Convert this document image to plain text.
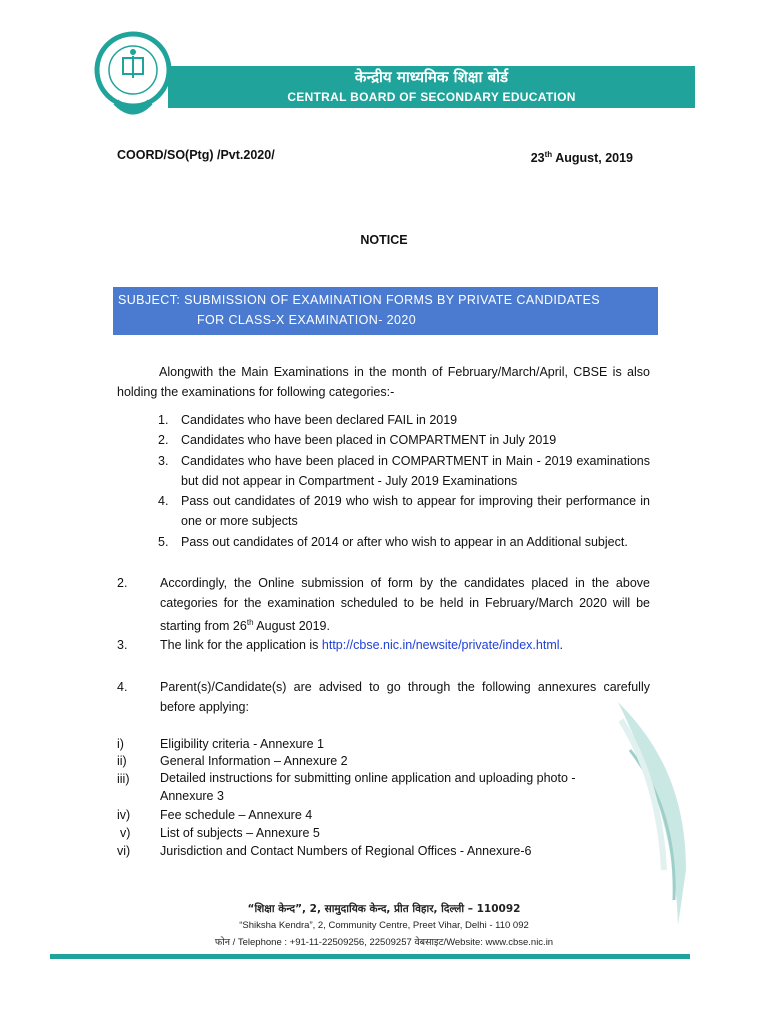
केन्द्रीय माध्यमिक शिक्षा बोर्ड
CENTRAL BOARD OF SECONDARY EDUCATION
COORD/SO(Ptg) /Pvt.2020/	23th August, 2019
NOTICE
SUBJECT: SUBMISSION OF EXAMINATION FORMS BY PRIVATE CANDIDATES
FOR CLASS-X EXAMINATION- 2020
Alongwith the Main Examinations in the month of February/March/April, CBSE is also holding the examinations for following categories:-
1. Candidates who have been declared FAIL in 2019
2. Candidates who have been placed in COMPARTMENT in July 2019
3. Candidates who have been placed in COMPARTMENT in Main - 2019 examinations but did not appear in Compartment - July 2019 Examinations
4. Pass out candidates of 2019 who wish to appear for improving their performance in one or more subjects
5. Pass out candidates of 2014 or after who wish to appear in an Additional subject.
2.	Accordingly, the Online submission of form by the candidates placed in the above categories for the examination scheduled to be held in February/March 2020 will be starting from 26th August 2019.
3.	The link for the application is http://cbse.nic.in/newsite/private/index.html.
4.	Parent(s)/Candidate(s) are advised to go through the following annexures carefully before applying:
i)	Eligibility criteria - Annexure 1
ii)	General Information – Annexure 2
iii) Detailed instructions for submitting online application and uploading photo -Annexure 3
iv) Fee schedule – Annexure 4
v) List of subjects – Annexure 5
vi) Jurisdiction and Contact Numbers of Regional Offices - Annexure-6
“शिक्षा केन्द”, 2, सामुदायिक केन्द, प्रीत विहार, दिल्ली – 110092
“Shiksha Kendra”, 2, Community Centre, Preet Vihar, Delhi - 110 092
फोन / Telephone : +91-11-22509256, 22509257 वेबसाइट/Website: www.cbse.nic.in
